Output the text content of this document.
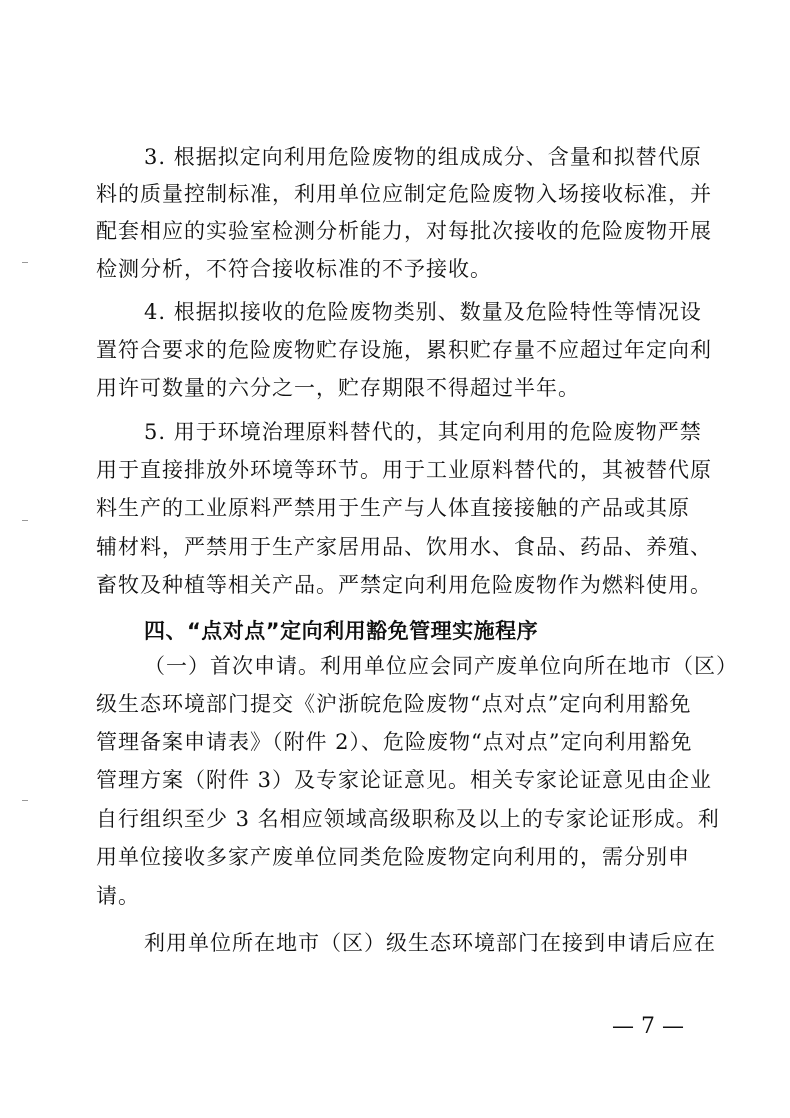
3. 根据拟定向利用危险废物的组成成分、含量和拟替代原
料的质量控制标准，利用单位应制定危险废物入场接收标准，并
配套相应的实验室检测分析能力，对每批次接收的危险废物开展
检测分析，不符合接收标准的不予接收。
4. 根据拟接收的危险废物类别、数量及危险特性等情况设
置符合要求的危险废物贮存设施，累积贮存量不应超过年定向利
用许可数量的六分之一，贮存期限不得超过半年。
5. 用于环境治理原料替代的，其定向利用的危险废物严禁
用于直接排放外环境等环节。用于工业原料替代的，其被替代原
料生产的工业原料严禁用于生产与人体直接接触的产品或其原
辅材料，严禁用于生产家居用品、饮用水、食品、药品、养殖、
畜牧及种植等相关产品。严禁定向利用危险废物作为燃料使用。
四、“点对点”定向利用豁免管理实施程序
（一）首次申请。利用单位应会同产废单位向所在地市（区）
级生态环境部门提交《沪浙皖危险废物“点对点”定向利用豁免
管理备案申请表》（附件 2）、危险废物“点对点”定向利用豁免
管理方案（附件 3）及专家论证意见。相关专家论证意见由企业
自行组织至少 3 名相应领域高级职称及以上的专家论证形成。利
用单位接收多家产废单位同类危险废物定向利用的，需分别申
请。
利用单位所在地市（区）级生态环境部门在接到申请后应在
— 7 —
